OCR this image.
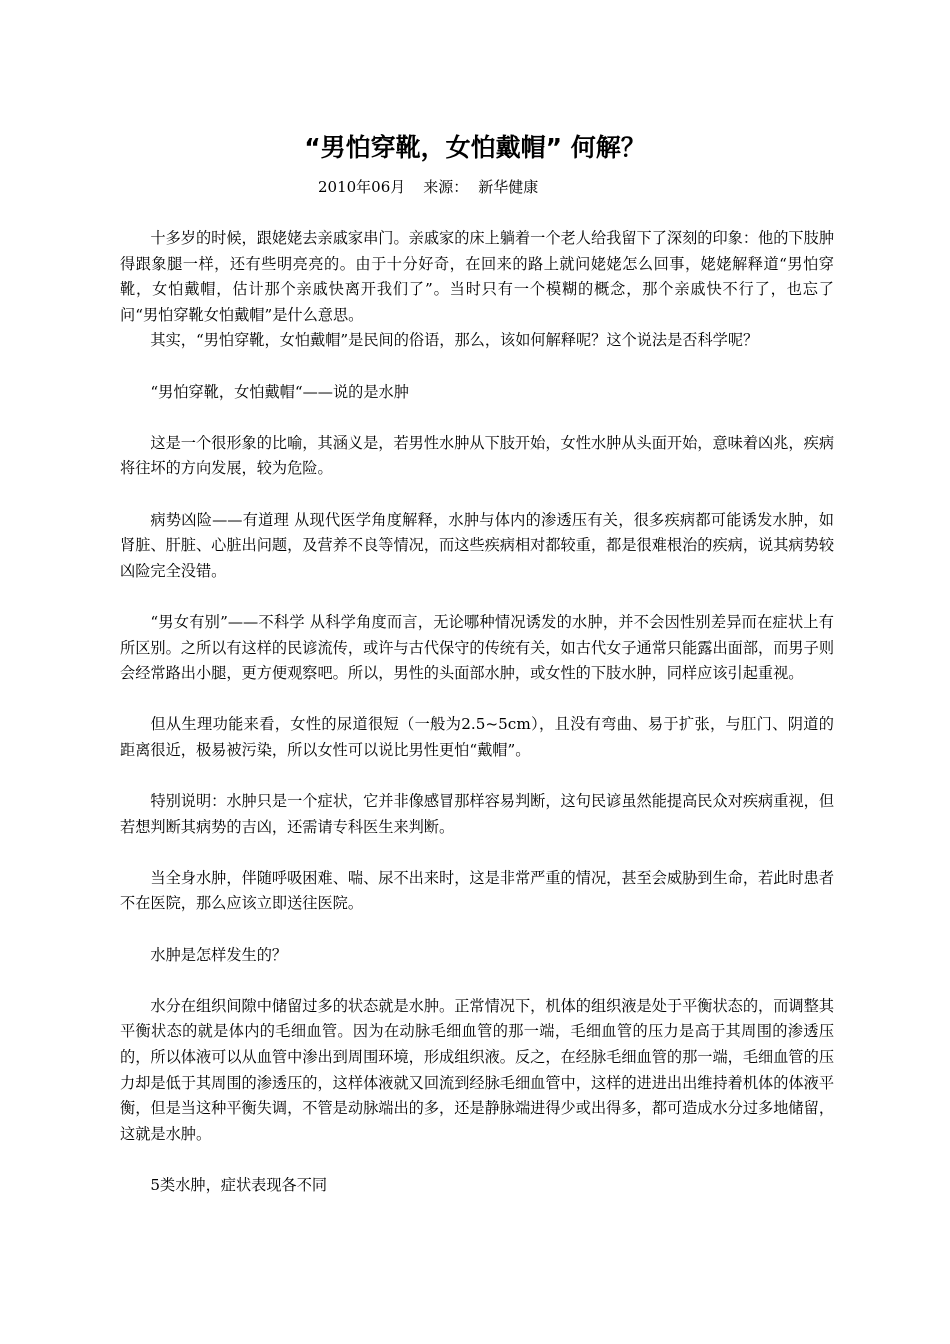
“男怕穿靴，女怕戴帽” 何解？
2010年06月 来源： 新华健康

十多岁的时候，跟姥姥去亲戚家串门。亲戚家的床上躺着一个老人给我留下了深刻的印象：他的下肢肿得跟象腿一样，还有些明亮亮的。由于十分好奇，在回来的路上就问姥姥怎么回事，姥姥解释道“男怕穿靴，女怕戴帽，估计那个亲戚快离开我们了”。当时只有一个模糊的概念，那个亲戚快不行了，也忘了问“男怕穿靴女怕戴帽”是什么意思。

其实，“男怕穿靴，女怕戴帽”是民间的俗语，那么，该如何解释呢？这个说法是否科学呢？

“男怕穿靴，女怕戴帽“——说的是水肿

这是一个很形象的比喻，其涵义是，若男性水肿从下肢开始，女性水肿从头面开始，意味着凶兆，疾病将往坏的方向发展，较为危险。

病势凶险——有道理 从现代医学角度解释，水肿与体内的渗透压有关，很多疾病都可能诱发水肿，如肾脏、肝脏、心脏出问题，及营养不良等情况，而这些疾病相对都较重，都是很难根治的疾病，说其病势较凶险完全没错。

“男女有别”——不科学 从科学角度而言，无论哪种情况诱发的水肿，并不会因性别差异而在症状上有所区别。之所以有这样的民谚流传，或许与古代保守的传统有关，如古代女子通常只能露出面部，而男子则会经常路出小腿，更方便观察吧。所以，男性的头面部水肿，或女性的下肢水肿，同样应该引起重视。

但从生理功能来看，女性的尿道很短（一般为2.5~5cm），且没有弯曲、易于扩张，与肛门、阴道的距离很近，极易被污染，所以女性可以说比男性更怕“戴帽”。

特别说明：水肿只是一个症状，它并非像感冒那样容易判断，这句民谚虽然能提高民众对疾病重视，但若想判断其病势的吉凶，还需请专科医生来判断。

当全身水肿，伴随呼吸困难、喘、尿不出来时，这是非常严重的情况，甚至会威胁到生命，若此时患者不在医院，那么应该立即送往医院。

水肿是怎样发生的？

水分在组织间隙中储留过多的状态就是水肿。正常情况下，机体的组织液是处于平衡状态的，而调整其平衡状态的就是体内的毛细血管。因为在动脉毛细血管的那一端，毛细血管的压力是高于其周围的渗透压的，所以体液可以从血管中渗出到周围环境，形成组织液。反之，在经脉毛细血管的那一端，毛细血管的压力却是低于其周围的渗透压的，这样体液就又回流到经脉毛细血管中，这样的进进出出维持着机体的体液平衡，但是当这种平衡失调，不管是动脉端出的多，还是静脉端进得少或出得多，都可造成水分过多地储留，这就是水肿。

5类水肿，症状表现各不同
